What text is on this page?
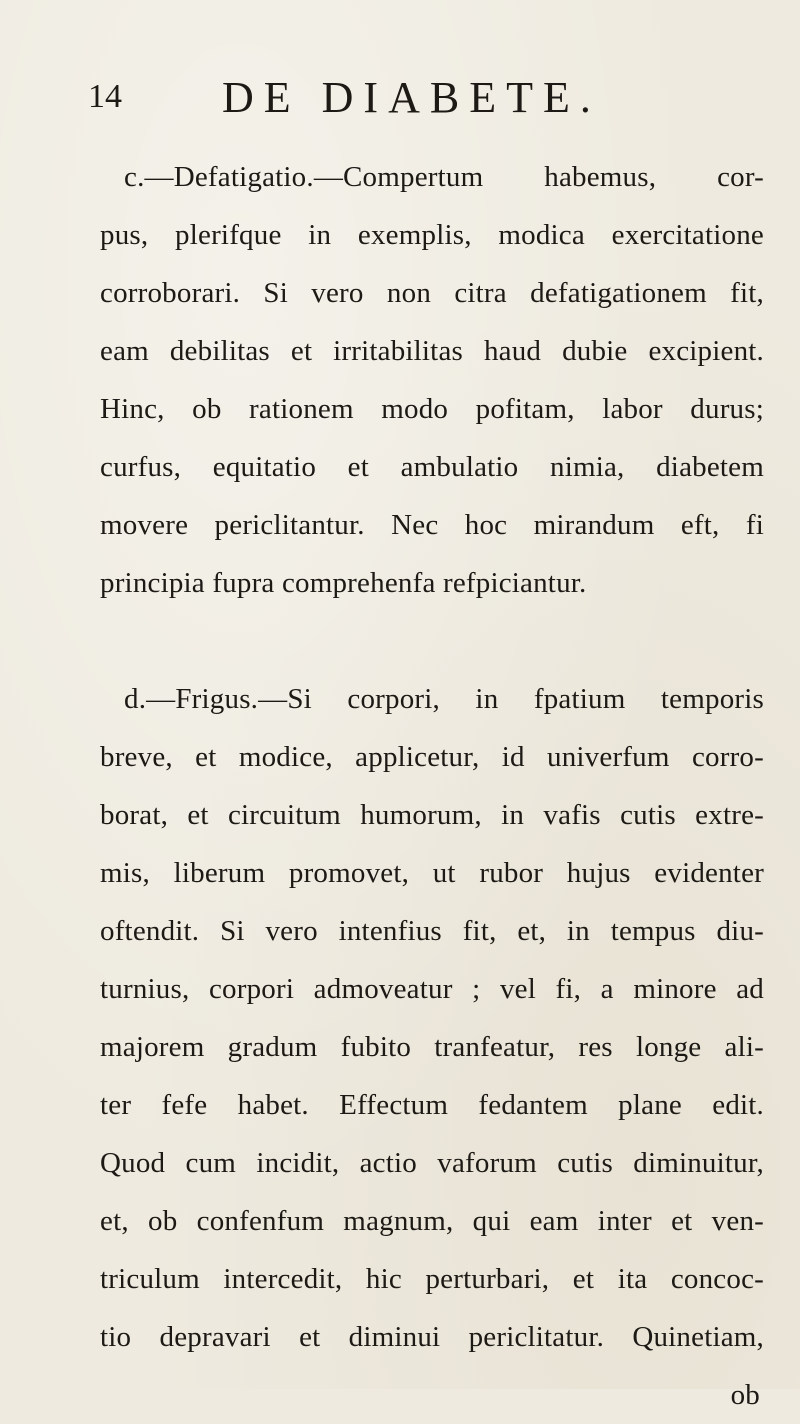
14 DE DIABETE.
c.—Defatigatio.—Compertum habemus, cor-
pus, plerifque in exemplis, modica exercitatione
corroborari. Si vero non citra defatigationem fit,
eam debilitas et irritabilitas haud dubie excipient.
Hinc, ob rationem modo pofitam, labor durus;
curfus, equitatio et ambulatio nimia, diabetem
movere periclitantur. Nec hoc mirandum eft, fi
principia fupra comprehenfa refpiciantur.
d.—Frigus.—Si corpori, in fpatium temporis
breve, et modice, applicetur, id univerfum corro-
borat, et circuitum humorum, in vafis cutis extre-
mis, liberum promovet, ut rubor hujus evidenter
oftendit. Si vero intenfius fit, et, in tempus diu-
turnius, corpori admoveatur ; vel fi, a minore ad
majorem gradum fubito tranfeatur, res longe ali-
ter fefe habet. Effectum fedantem plane edit.
Quod cum incidit, actio vaforum cutis diminuitur,
et, ob confenfum magnum, qui eam inter et ven-
triculum intercedit, hic perturbari, et ita concoc-
tio depravari et diminui periclitatur. Quinetiam,
ob
